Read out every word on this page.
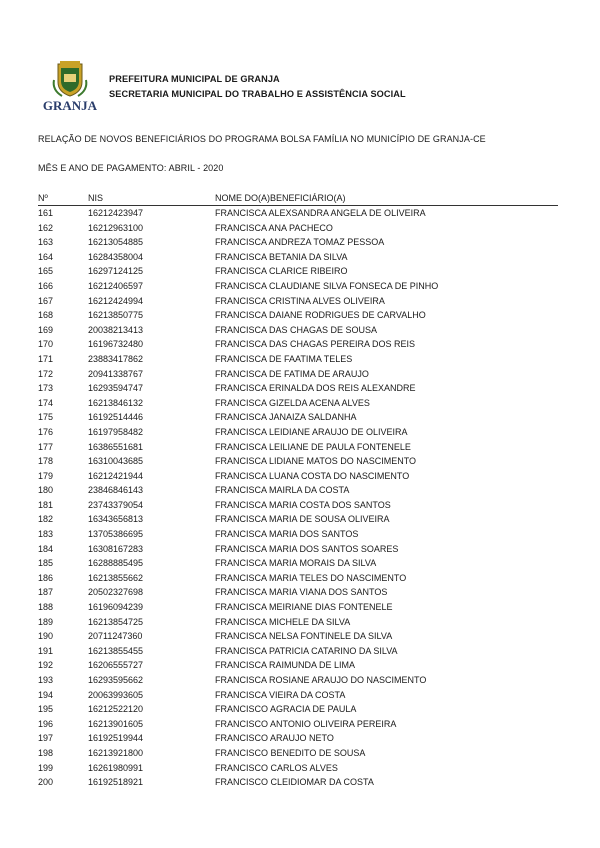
GRANJA
PREFEITURA MUNICIPAL DE GRANJA
SECRETARIA MUNICIPAL DO TRABALHO E ASSISTÊNCIA SOCIAL
RELAÇÃO DE NOVOS BENEFICIÁRIOS DO PROGRAMA BOLSA FAMÍLIA NO MUNICÍPIO DE GRANJA-CE
MÊS E ANO DE PAGAMENTO: ABRIL - 2020
Nº	NIS	NOME DO(A)BENEFICIÁRIO(A)
161	16212423947	FRANCISCA ALEXSANDRA ANGELA DE OLIVEIRA
162	16212963100	FRANCISCA ANA PACHECO
163	16213054885	FRANCISCA ANDREZA TOMAZ PESSOA
164	16284358004	FRANCISCA BETANIA DA SILVA
165	16297124125	FRANCISCA CLARICE RIBEIRO
166	16212406597	FRANCISCA CLAUDIANE SILVA FONSECA DE PINHO
167	16212424994	FRANCISCA CRISTINA ALVES OLIVEIRA
168	16213850775	FRANCISCA DAIANE RODRIGUES DE CARVALHO
169	20038213413	FRANCISCA DAS CHAGAS DE SOUSA
170	16196732480	FRANCISCA DAS CHAGAS PEREIRA DOS REIS
171	23883417862	FRANCISCA DE FAATIMA TELES
172	20941338767	FRANCISCA DE FATIMA DE ARAUJO
173	16293594747	FRANCISCA ERINALDA DOS REIS ALEXANDRE
174	16213846132	FRANCISCA GIZELDA ACENA ALVES
175	16192514446	FRANCISCA JANAIZA SALDANHA
176	16197958482	FRANCISCA LEIDIANE ARAUJO DE OLIVEIRA
177	16386551681	FRANCISCA LEILIANE DE PAULA FONTENELE
178	16310043685	FRANCISCA LIDIANE MATOS DO NASCIMENTO
179	16212421944	FRANCISCA LUANA COSTA DO NASCIMENTO
180	23846846143	FRANCISCA MAIRLA DA COSTA
181	23743379054	FRANCISCA MARIA COSTA DOS SANTOS
182	16343656813	FRANCISCA MARIA DE SOUSA OLIVEIRA
183	13705386695	FRANCISCA MARIA DOS SANTOS
184	16308167283	FRANCISCA MARIA DOS SANTOS SOARES
185	16288885495	FRANCISCA MARIA MORAIS DA SILVA
186	16213855662	FRANCISCA MARIA TELES DO NASCIMENTO
187	20502327698	FRANCISCA MARIA VIANA DOS SANTOS
188	16196094239	FRANCISCA MEIRIANE DIAS FONTENELE
189	16213854725	FRANCISCA MICHELE DA SILVA
190	20711247360	FRANCISCA NELSA FONTINELE DA SILVA
191	16213855455	FRANCISCA PATRICIA CATARINO DA SILVA
192	16206555727	FRANCISCA RAIMUNDA DE LIMA
193	16293595662	FRANCISCA ROSIANE ARAUJO DO NASCIMENTO
194	20063993605	FRANCISCA VIEIRA DA COSTA
195	16212522120	FRANCISCO AGRACIA DE PAULA
196	16213901605	FRANCISCO ANTONIO OLIVEIRA PEREIRA
197	16192519944	FRANCISCO ARAUJO NETO
198	16213921800	FRANCISCO BENEDITO DE SOUSA
199	16261980991	FRANCISCO CARLOS ALVES
200	16192518921	FRANCISCO CLEIDIOMAR DA COSTA
